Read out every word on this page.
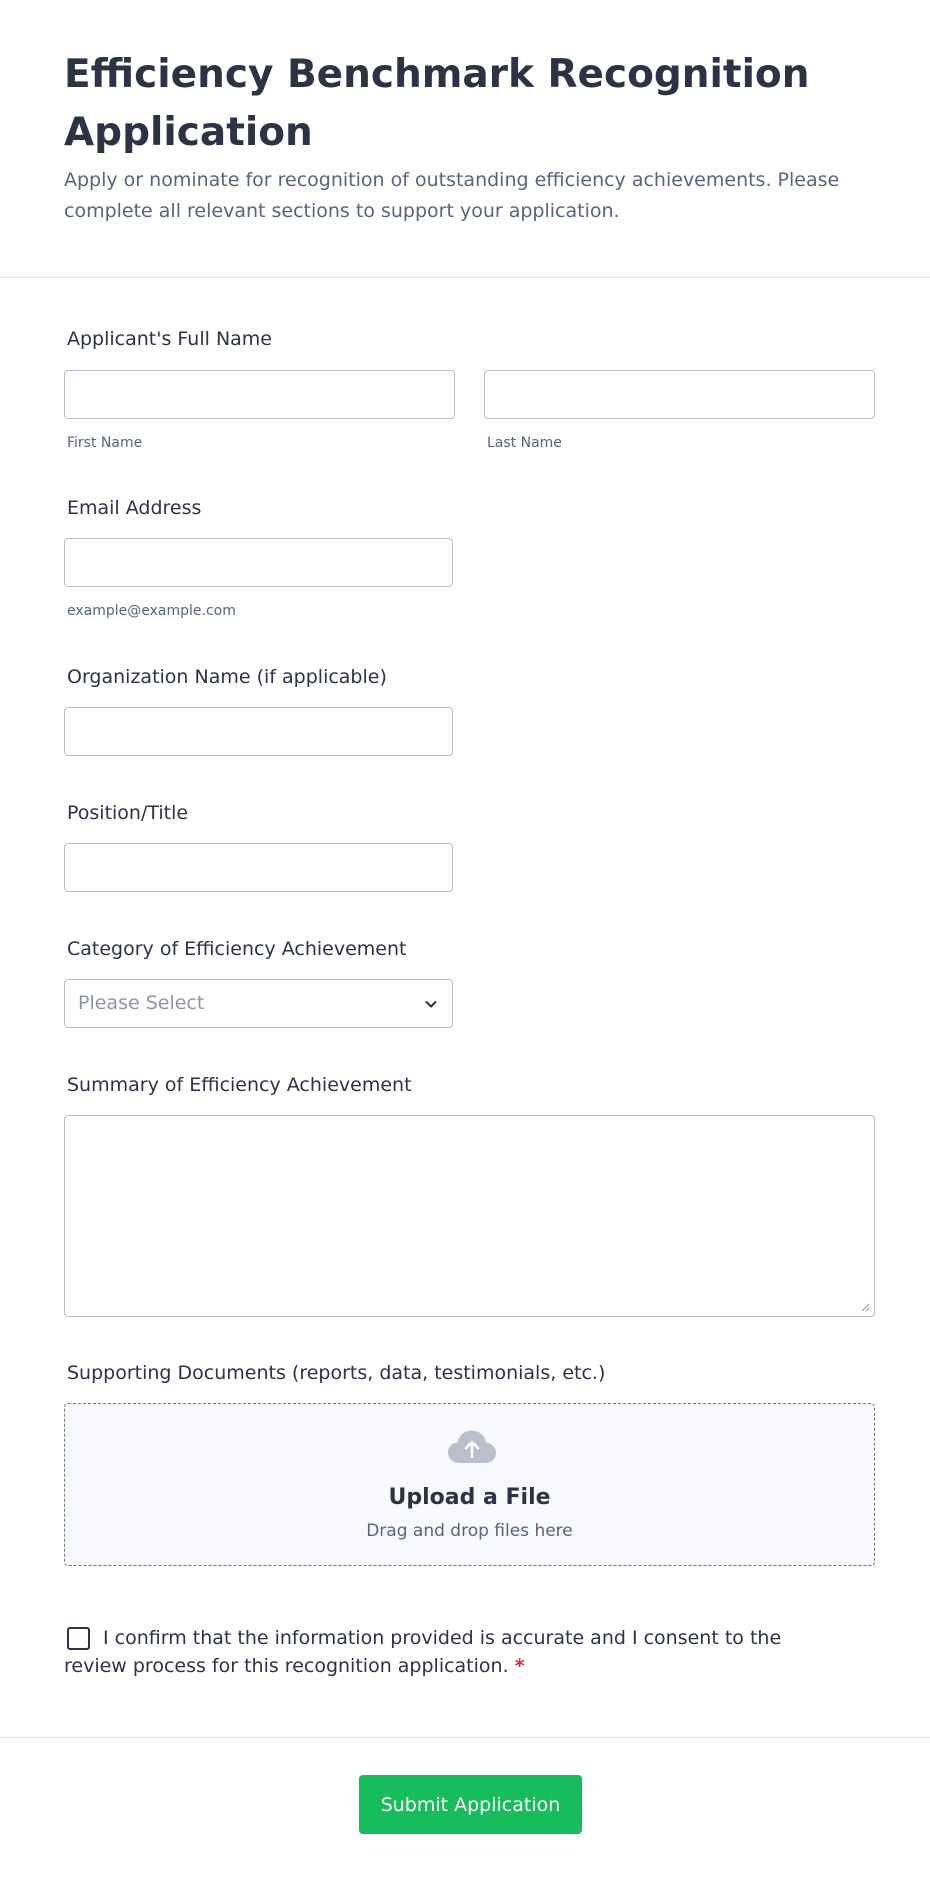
Efficiency Benchmark Recognition Application

Apply or nominate for recognition of outstanding efficiency achievements. Please complete all relevant sections to support your application.

Applicant's Full Name
First Name	Last Name
Email Address
example@example.com
Organization Name (if applicable)
Position/Title
Category of Efficiency Achievement
Please Select
Summary of Efficiency Achievement
Supporting Documents (reports, data, testimonials, etc.)
Upload a File
Drag and drop files here

I confirm that the information provided is accurate and I consent to the review process for this recognition application. *

Submit Application
